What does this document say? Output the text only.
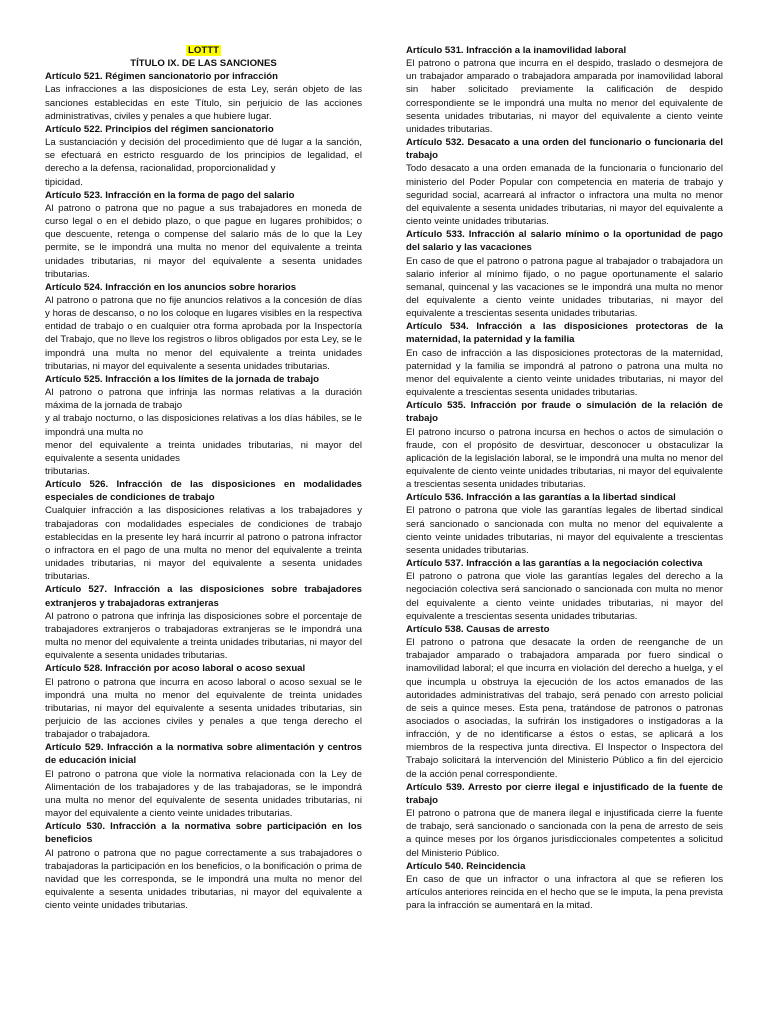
LOTTT
TÍTULO IX. DE LAS SANCIONES
Artículo 521. Régimen sancionatorio por infracción

Las infracciones a las disposiciones de esta Ley, serán objeto de las sanciones establecidas en este Título, sin perjuicio de las acciones administrativas, civiles y penales a que hubiere lugar.

Artículo 522. Principios del régimen sancionatorio

La sustanciación y decisión del procedimiento que dé lugar a la sanción, se efectuará en estricto resguardo de los principios de legalidad, el derecho a la defensa, racionalidad, proporcionalidad y

tipicidad.

Artículo 523. Infracción en la forma de pago del salario

Al patrono o patrona que no pague a sus trabajadores en moneda de curso legal o en el debido plazo, o que pague en lugares prohibidos; o que descuente, retenga o compense del salario más de lo que la Ley permite, se le impondrá una multa no menor del equivalente a treinta unidades tributarias, ni mayor del equivalente a sesenta unidades tributarias.

Artículo 524. Infracción en los anuncios sobre horarios

Al patrono o patrona que no fije anuncios relativos a la concesión de días y horas de descanso, o no los coloque en lugares visibles en la respectiva entidad de trabajo o en cualquier otra forma aprobada por la Inspectoría del Trabajo, que no lleve los registros o libros obligados por esta Ley, se le impondrá una multa no menor del equivalente a treinta unidades tributarias, ni mayor del equivalente a sesenta unidades tributarias.

Artículo 525. Infracción a los límites de la jornada de trabajo

Al patrono o patrona que infrinja las normas relativas a la duración máxima de la jornada de trabajo

y al trabajo nocturno, o las disposiciones relativas a los días hábiles, se le impondrá una multa no

menor del equivalente a treinta unidades tributarias, ni mayor del equivalente a sesenta unidades

tributarias.

Artículo 526. Infracción de las disposiciones en modalidades especiales de condiciones de trabajo

Cualquier infracción a las disposiciones relativas a los trabajadores y trabajadoras con modalidades especiales de condiciones de trabajo establecidas en la presente ley hará incurrir al patrono o patrona infractor o infractora en el pago de una multa no menor del equivalente a treinta unidades tributarias, ni mayor del equivalente a sesenta unidades tributarias.

Artículo 527. Infracción a las disposiciones sobre trabajadores extranjeros y trabajadoras extranjeras

Al patrono o patrona que infrinja las disposiciones sobre el porcentaje de trabajadores extranjeros o trabajadoras extranjeras se le impondrá una multa no menor del equivalente a treinta unidades tributarias, ni mayor del equivalente a sesenta unidades tributarias.

Artículo 528. Infracción por acoso laboral o acoso sexual

El patrono o patrona que incurra en acoso laboral o acoso sexual se le impondrá una multa no menor del equivalente de treinta unidades tributarias, ni mayor del equivalente a sesenta unidades tributarias, sin perjuicio de las acciones civiles y penales a que tenga derecho el trabajador o trabajadora.

Artículo 529. Infracción a la normativa sobre alimentación y centros de educación inicial

El patrono o patrona que viole la normativa relacionada con la Ley de Alimentación de los trabajadores y de las trabajadoras, se le impondrá una multa no menor del equivalente de sesenta unidades tributarias, ni mayor del equivalente a ciento veinte unidades tributarias.

Artículo 530. Infracción a la normativa sobre participación en los beneficios

Al patrono o patrona que no pague correctamente a sus trabajadores o trabajadoras la participación en los beneficios, o la bonificación o prima de navidad que les corresponda, se le impondrá una multa no menor del equivalente a sesenta unidades tributarias, ni mayor del equivalente a ciento veinte unidades tributarias.

Artículo 531. Infracción a la inamovilidad laboral

El patrono o patrona que incurra en el despido, traslado o desmejora de un trabajador amparado o trabajadora amparada por inamovilidad laboral sin haber solicitado previamente la calificación de despido correspondiente se le impondrá una multa no menor del equivalente de sesenta unidades tributarias, ni mayor del equivalente a ciento veinte unidades tributarias.

Artículo 532. Desacato a una orden del funcionario o funcionaria del trabajo

Todo desacato a una orden emanada de la funcionaria o funcionario del ministerio del Poder Popular con competencia en materia de trabajo y seguridad social, acarreará al infractor o infractora una multa no menor del equivalente a sesenta unidades tributarias, ni mayor del equivalente a ciento veinte unidades tributarias.

Artículo 533. Infracción al salario mínimo o la oportunidad de pago del salario y las vacaciones

En caso de que el patrono o patrona pague al trabajador o trabajadora un salario inferior al mínimo fijado, o no pague oportunamente el salario semanal, quincenal y las vacaciones se le impondrá una multa no menor del equivalente a ciento veinte unidades tributarias, ni mayor del equivalente a trescientas sesenta unidades tributarias.

Artículo 534. Infracción a las disposiciones protectoras de la maternidad, la paternidad y la familia

En caso de infracción a las disposiciones protectoras de la maternidad, paternidad y la familia se impondrá al patrono o patrona una multa no menor del equivalente a ciento veinte unidades tributarias, ni mayor del equivalente a trescientas sesenta unidades tributarias.

Artículo 535. Infracción por fraude o simulación de la relación de trabajo

El patrono incurso o patrona incursa en hechos o actos de simulación o fraude, con el propósito de desvirtuar, desconocer u obstaculizar la aplicación de la legislación laboral, se le impondrá una multa no menor del equivalente de ciento veinte unidades tributarias, ni mayor del equivalente a trescientas sesenta unidades tributarias.

Artículo 536. Infracción a las garantías a la libertad sindical

El patrono o patrona que viole las garantías legales de libertad sindical será sancionado o sancionada con multa no menor del equivalente a ciento veinte unidades tributarias, ni mayor del equivalente a trescientas sesenta unidades tributarias.

Artículo 537. Infracción a las garantías a la negociación colectiva

El patrono o patrona que viole las garantías legales del derecho a la negociación colectiva será sancionado o sancionada con multa no menor del equivalente a ciento veinte unidades tributarias, ni mayor del equivalente a trescientas sesenta unidades tributarias.

Artículo 538. Causas de arresto

El patrono o patrona que desacate la orden de reenganche de un trabajador amparado o trabajadora amparada por fuero sindical o inamovilidad laboral; el que incurra en violación del derecho a huelga, y el que incumpla u obstruya la ejecución de los actos emanados de las autoridades administrativas del trabajo, será penado con arresto policial de seis a quince meses. Esta pena, tratándose de patronos o patronas asociados o asociadas, la sufrirán los instigadores o instigadoras a la infracción, y de no identificarse a éstos o estas, se aplicará a los miembros de la respectiva junta directiva. El Inspector o Inspectora del Trabajo solicitará la intervención del Ministerio Público a fin del ejercicio de la acción penal correspondiente.

Artículo 539. Arresto por cierre ilegal e injustificado de la fuente de trabajo

El patrono o patrona que de manera ilegal e injustificada cierre la fuente de trabajo, será sancionado o sancionada con la pena de arresto de seis a quince meses por los órganos jurisdiccionales competentes a solicitud del Ministerio Público.

Artículo 540. Reincidencia

En caso de que un infractor o una infractora al que se refieren los artículos anteriores reincida en el hecho que se le imputa, la pena prevista para la infracción se aumentará en la mitad.
